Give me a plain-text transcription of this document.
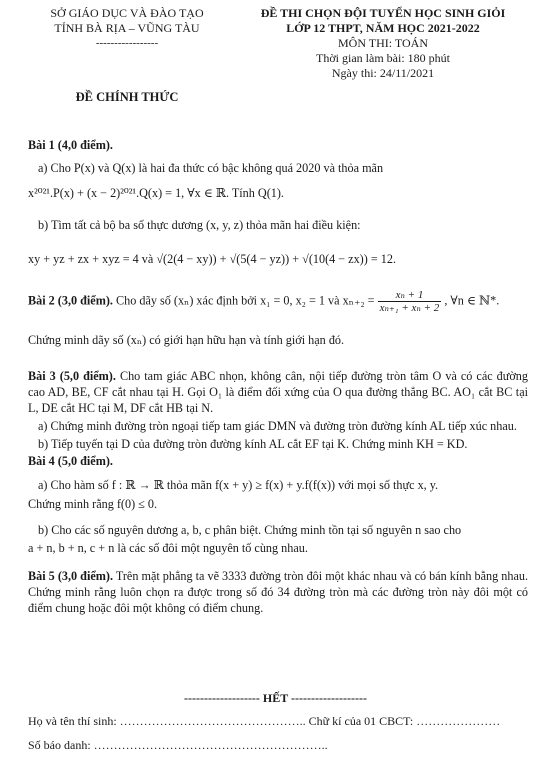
SỞ GIÁO DỤC VÀ ĐÀO TẠO
TỈNH BÀ RỊA – VŨNG TÀU
-----------------
ĐỀ THI CHỌN ĐỘI TUYỂN HỌC SINH GIỎI
LỚP 12 THPT, NĂM HỌC 2021-2022
MÔN THI: TOÁN
Thời gian làm bài: 180 phút
Ngày thi: 24/11/2021
ĐỀ CHÍNH THỨC

Bài 1 (4,0 điểm).

a) Cho P(x) và Q(x) là hai đa thức có bậc không quá 2020 và thỏa mãn

x²⁰²¹.P(x) + (x − 2)²⁰²¹.Q(x) = 1, ∀x ∈ ℝ. Tính Q(1).

b) Tìm tất cả bộ ba số thực dương (x, y, z) thỏa mãn hai điều kiện:

xy + yz + zx + xyz = 4 và √(2(4 − xy)) + √(5(4 − yz)) + √(10(4 − zx)) = 12.

Bài 2 (3,0 điểm). Cho dãy số (xₙ) xác định bởi x₁ = 0, x₂ = 1 và $x_{n+2} = \frac{\text{xₙ + 1}}{\text{xₙ₊₁ + xₙ + 2}}$ , ∀n ∈ ℕ*.

Chứng minh dãy số (xₙ) có giới hạn hữu hạn và tính giới hạn đó.

Bài 3 (5,0 điểm). Cho tam giác ABC nhọn, không cân, nội tiếp đường tròn tâm O và có các đường cao AD, BE, CF cắt nhau tại H. Gọi O₁ là điểm đối xứng của O qua đường thẳng BC. AO₁ cắt BC tại L, DE cắt HC tại M, DF cắt HB tại N.

a) Chứng minh đường tròn ngoại tiếp tam giác DMN và đường tròn đường kính AL tiếp xúc nhau.

b) Tiếp tuyến tại D của đường tròn đường kính AL cắt EF tại K. Chứng minh KH = KD.

Bài 4 (5,0 điểm).

a) Cho hàm số f : ℝ → ℝ thỏa mãn f(x + y) ≥ f(x) + y.f(f(x)) với mọi số thực x, y.

Chứng minh rằng f(0) ≤ 0.

b) Cho các số nguyên dương a, b, c phân biệt. Chứng minh tồn tại số nguyên n sao cho

a + n, b + n, c + n là các số đôi một nguyên tố cùng nhau.

Bài 5 (3,0 điểm). Trên mặt phẳng ta vẽ 3333 đường tròn đôi một khác nhau và có bán kính bằng nhau. Chứng minh rằng luôn chọn ra được trong số đó 34 đường tròn mà các đường tròn này đôi một có điểm chung hoặc đôi một không có điểm chung.

------------------- HẾT -------------------
Họ và tên thí sinh: ……………………………………….. Chữ kí của 01 CBCT: …………………
Số báo danh: …………………………………………………..
